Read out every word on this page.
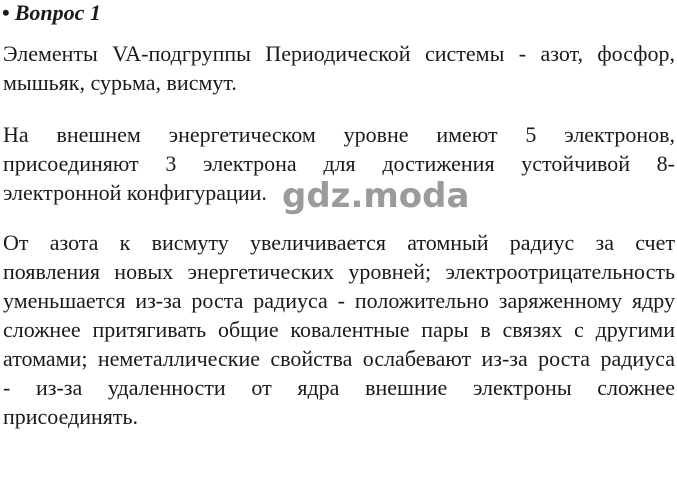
• Вопрос 1
Элементы VA-подгруппы Периодической системы - азот, фосфор,
мышьяк, сурьма, висмут.
На внешнем энергетическом уровне имеют 5 электронов,
присоединяют 3 электрона для достижения устойчивой 8-
электронной конфигурации.
От азота к висмуту увеличивается атомный радиус за счет
появления новых энергетических уровней; электроотрицательность
уменьшается из-за роста радиуса - положительно заряженному ядру
сложнее притягивать общие ковалентные пары в связях с другими
атомами; неметаллические свойства ослабевают из-за роста радиуса
- из-за удаленности от ядра внешние электроны сложнее
присоединять.
gdz.moda
